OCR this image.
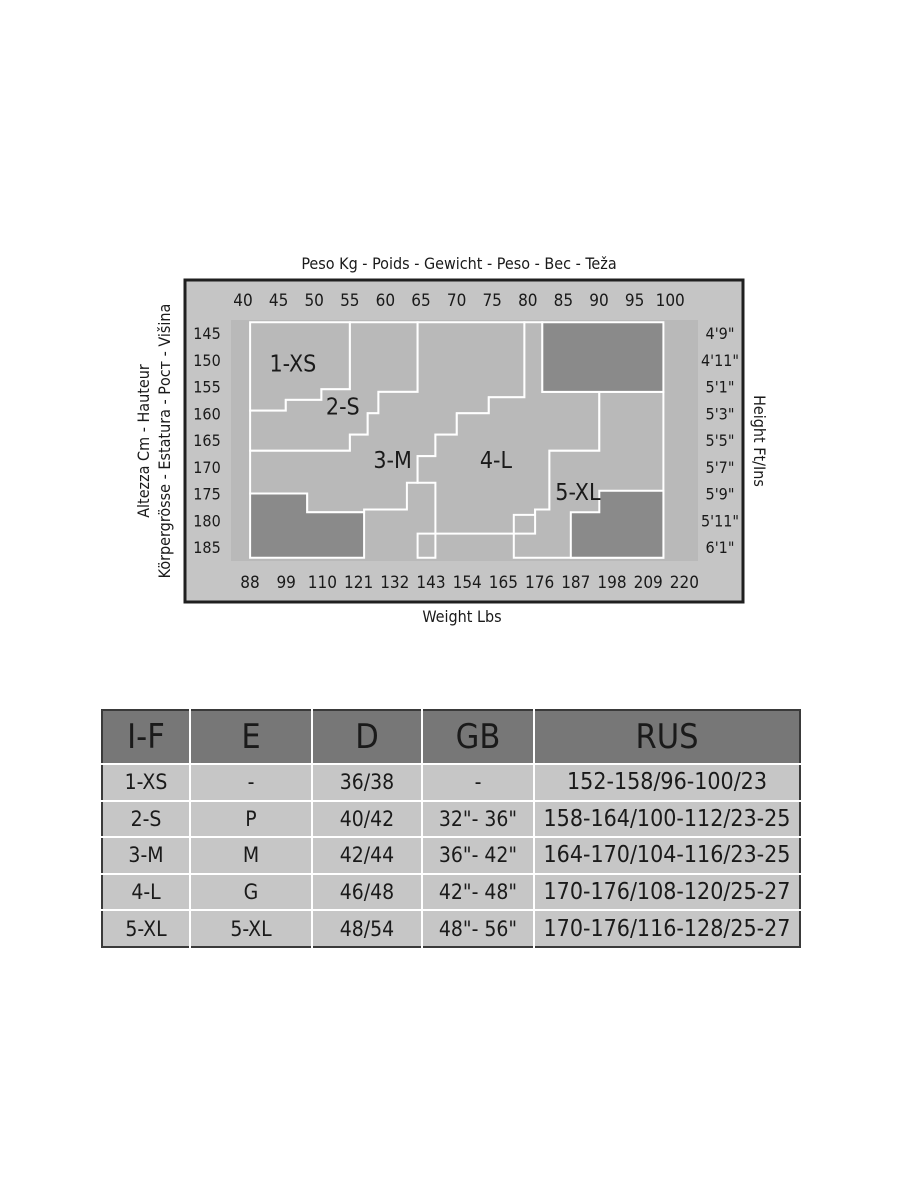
Peso Kg - Poids - Gewicht - Peso - Bec - Teža
1-XS
2-S
3-M	4-L
5-XL
40 45 50 55 60 65 70 75 80 85 90 95 100
88 99 110 121 132 143 154 165 176 187 198 209 220
145
150
155
160
165
170
175
180
185
4'9"
4'11"
5'1"
5'3"
5'5"
5'7"
5'9"
5'11"
6'1"
Weight Lbs
Altezza Cm - Hauteur Körpergrösse - Estatura - Рост - Višina	Height Ft/Ins
I-F	E	D	GB	RUS
1-XS	-	36/38	-	152-158/96-100/23
2-S	P	40/42	32"- 36"	158-164/100-112/23-25
3-M	M	42/44	36"- 42"	164-170/104-116/23-25
4-L	G	46/48	42"- 48"	170-176/108-120/25-27
5-XL	5-XL	48/54	48"- 56"	170-176/116-128/25-27
